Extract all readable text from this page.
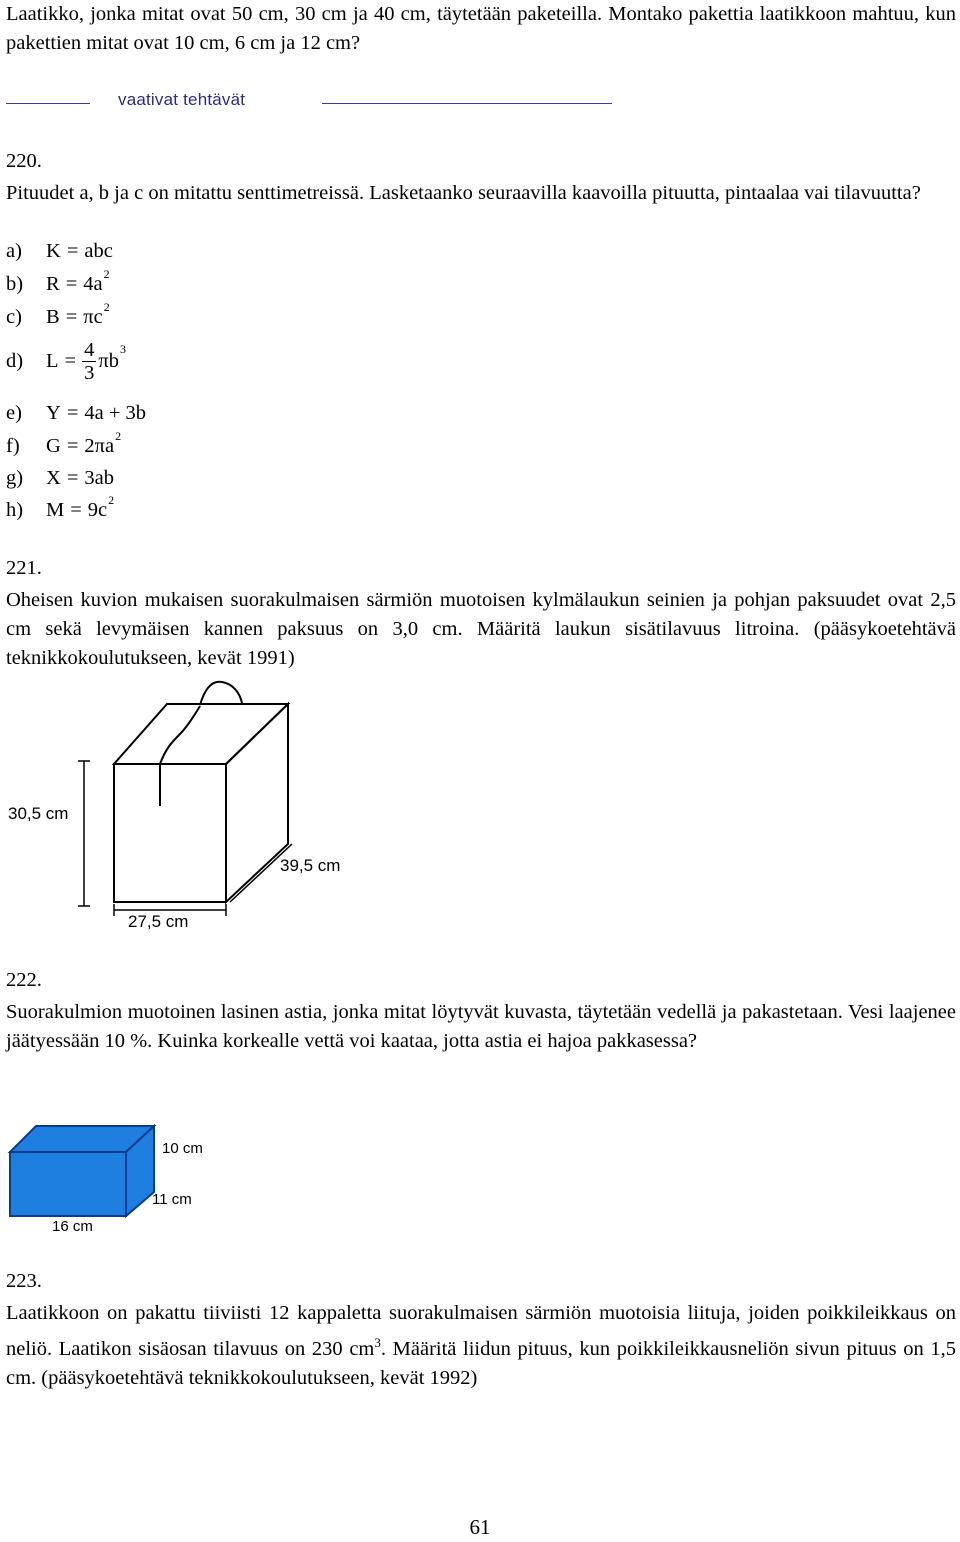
Laatikko, jonka mitat ovat 50 cm, 30 cm ja 40 cm, täytetään paketeilla. Montako pakettia laatikkoon mahtuu, kun pakettien mitat ovat 10 cm, 6 cm ja 12 cm?
vaativat tehtävät
220.
Pituudet a, b ja c on mitattu senttimetreissä. Lasketaanko seuraavilla kaavoilla pituutta, pintaalaa vai tilavuutta?
a) K = abc
b) $R = 4a^2$
c) $B = \pi c^2$
d) $L = \frac{4}{3} \pi b^3$
e) Y = 4a + 3b
f) $G = 2\pi a^2$
g) X = 3ab
h) $M = 9c^2$
221.
Oheisen kuvion mukaisen suorakulmaisen särmiön muotoisen kylmälaukun seinien ja pohjan paksuudet ovat 2,5 cm sekä levymäisen kannen paksuus on 3,0 cm. Määritä laukun sisätilavuus litroina. (pääsykoetehtävä teknikkokoulutukseen, kevät 1991)
30,5 cm
39,5 cm
27,5 cm
222.
Suorakulmion muotoinen lasinen astia, jonka mitat löytyvät kuvasta, täytetään vedellä ja pakastetaan. Vesi laajenee jäätyessään 10 %. Kuinka korkealle vettä voi kaataa, jotta astia ei hajoa pakkasessa?
10 cm
11 cm
16 cm
223.
Laatikkoon on pakattu tiiviisti 12 kappaletta suorakulmaisen särmiön muotoisia liituja, joiden poikkileikkaus on neliö. Laatikon sisäosan tilavuus on 230 $cm^3$. Määritä liidun pituus, kun poikkileikkausneliön sivun pituus on 1,5 cm. (pääsykoetehtävä teknikkokoulutukseen, kevät 1992)
61
